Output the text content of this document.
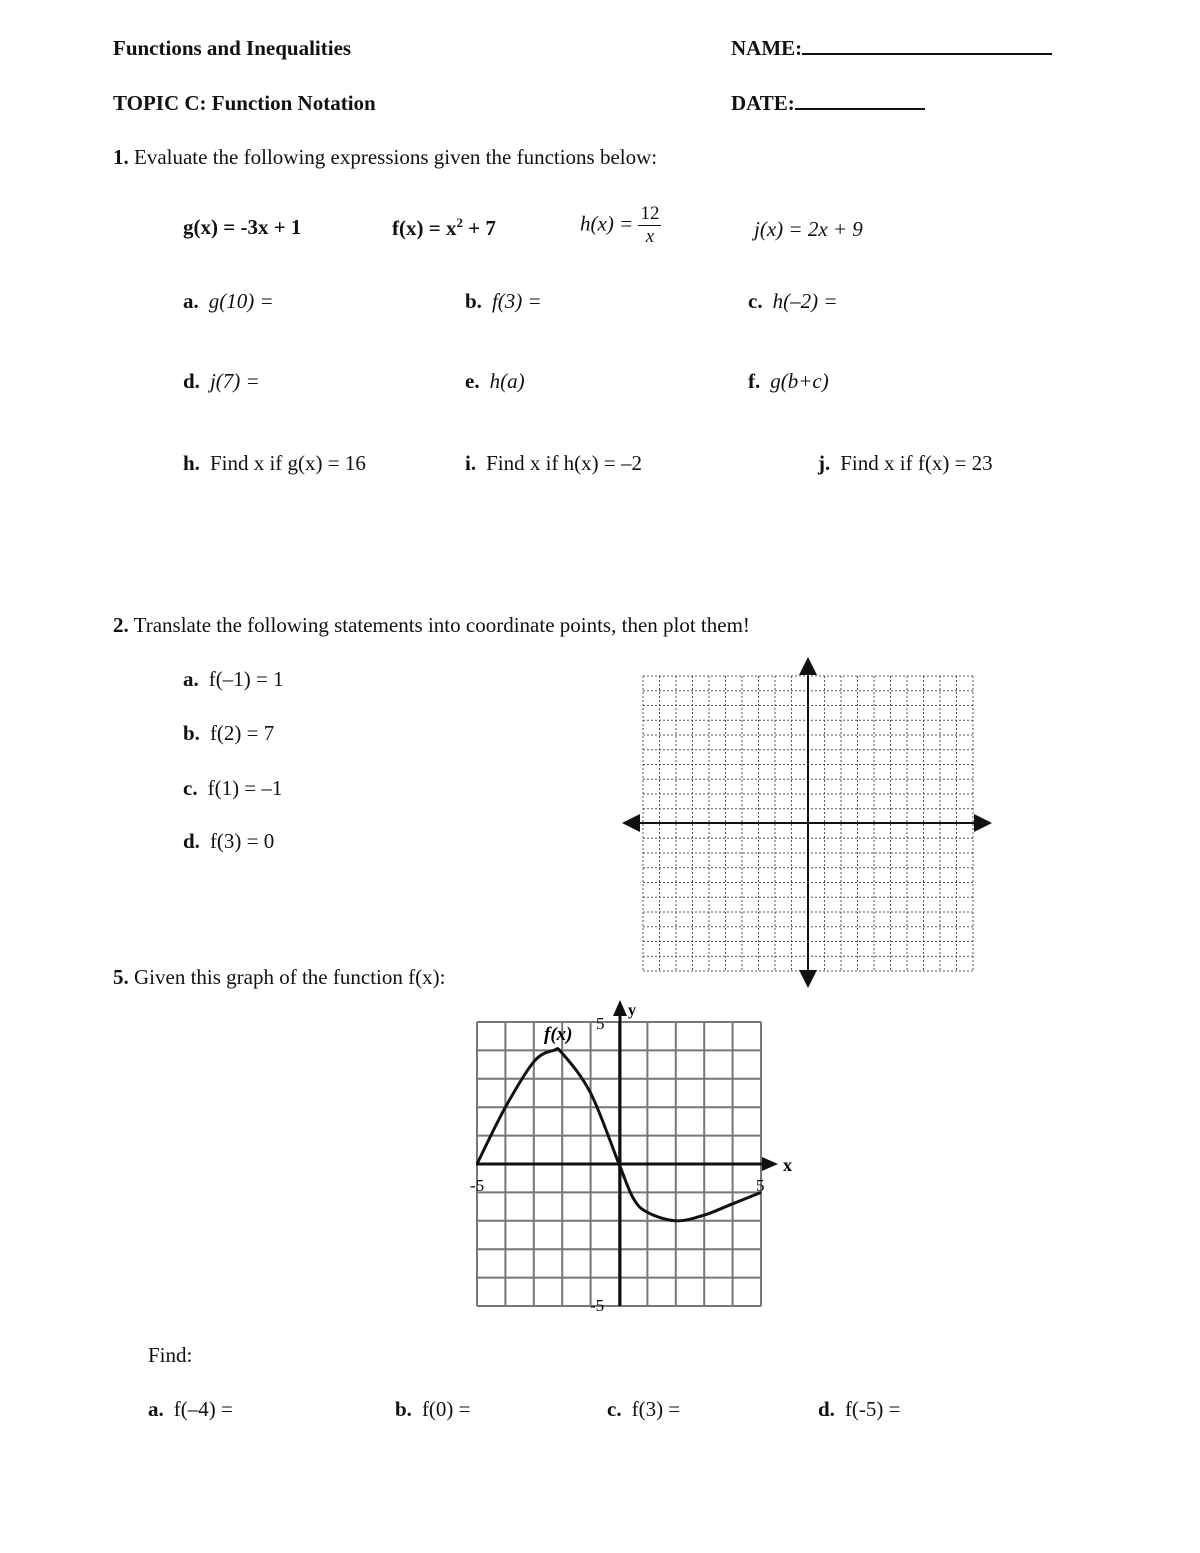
Functions and Inequalities	NAME:
TOPIC C: Function Notation	DATE:
1. Evaluate the following expressions given the functions below:
g(x) = -3x + 1	$f(x) = x^2 + 7$	$h(x) = \frac{12}{x}$	j(x) = 2x + 9
a. g(10) =	b. f(3) =	c. h(–2) =
d. j(7) =	e. h(a)	f. g(b+c)
h. Find x if g(x) = 16	i. Find x if h(x) = –2	j. Find x if f(x) = 23
2. Translate the following statements into coordinate points, then plot them!
a. f(–1) = 1
b. f(2) = 7
c. f(1) = –1
d. f(3) = 0
5. Given this graph of the function f(x):
x
y
f(x)
5
-5	5
-5
Find:
a. f(–4) =	b. f(0) =	c. f(3) =	d. f(-5) =
